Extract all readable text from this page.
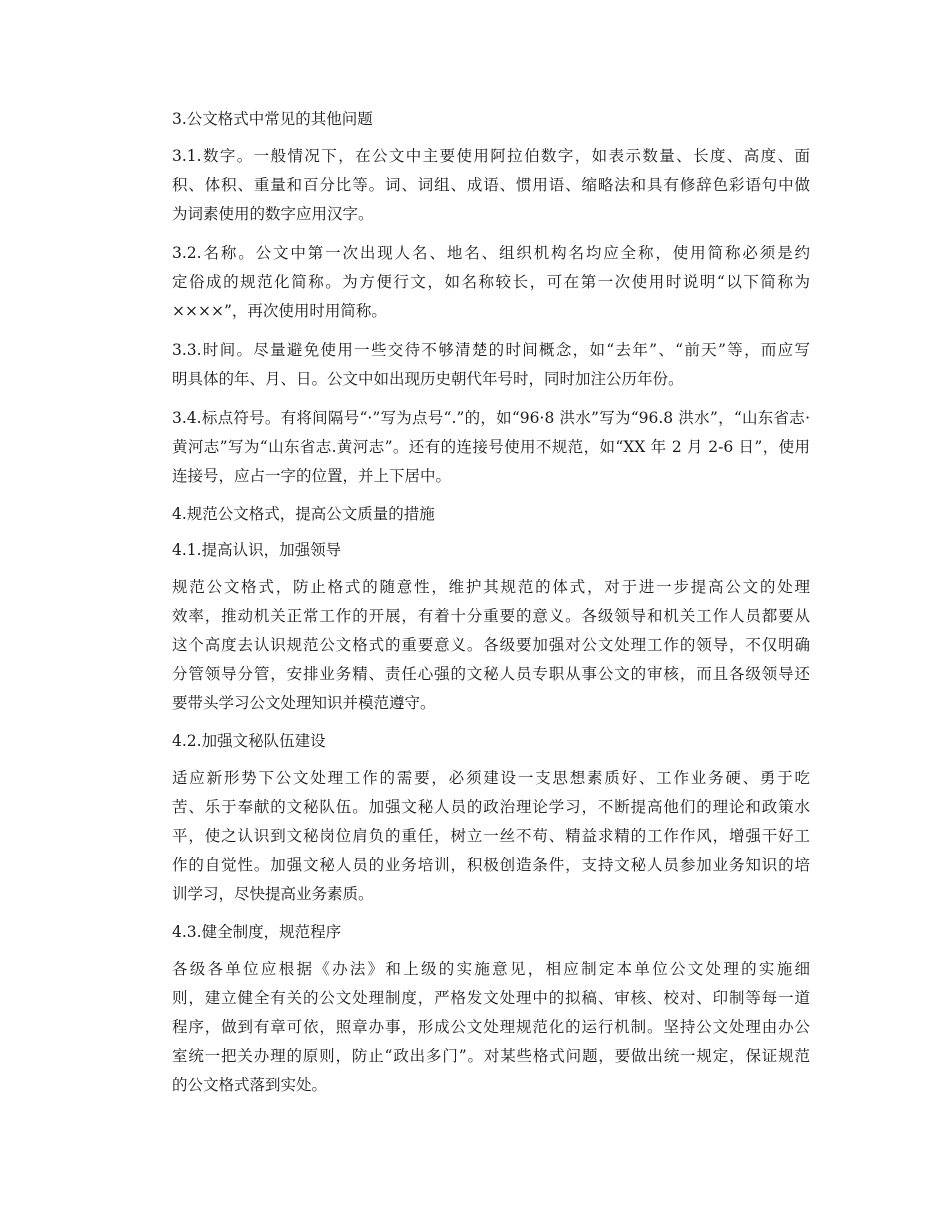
3.公文格式中常见的其他问题

3.1.数字。一般情况下，在公文中主要使用阿拉伯数字，如表示数量、长度、高度、面
积、体积、重量和百分比等。词、词组、成语、惯用语、缩略法和具有修辞色彩语句中做
为词素使用的数字应用汉字。

3.2.名称。公文中第一次出现人名、地名、组织机构名均应全称，使用简称必须是约
定俗成的规范化简称。为方便行文，如名称较长，可在第一次使用时说明“以下简称为
××××”，再次使用时用简称。

3.3.时间。尽量避免使用一些交待不够清楚的时间概念，如“去年”、“前天”等，而应写
明具体的年、月、日。公文中如出现历史朝代年号时，同时加注公历年份。

3.4.标点符号。有将间隔号“·”写为点号“.”的，如“96·8 洪水”写为“96.8 洪水”，“山东省志·
黄河志”写为“山东省志.黄河志”。还有的连接号使用不规范，如“XX 年 2 月 2-6 日”，使用
连接号，应占一字的位置，并上下居中。

4.规范公文格式，提高公文质量的措施

4.1.提高认识，加强领导

规范公文格式，防止格式的随意性，维护其规范的体式，对于进一步提高公文的处理
效率，推动机关正常工作的开展，有着十分重要的意义。各级领导和机关工作人员都要从
这个高度去认识规范公文格式的重要意义。各级要加强对公文处理工作的领导，不仅明确
分管领导分管，安排业务精、责任心强的文秘人员专职从事公文的审核，而且各级领导还
要带头学习公文处理知识并模范遵守。

4.2.加强文秘队伍建设

适应新形势下公文处理工作的需要，必须建设一支思想素质好、工作业务硬、勇于吃
苦、乐于奉献的文秘队伍。加强文秘人员的政治理论学习，不断提高他们的理论和政策水
平，使之认识到文秘岗位肩负的重任，树立一丝不苟、精益求精的工作作风，增强干好工
作的自觉性。加强文秘人员的业务培训，积极创造条件，支持文秘人员参加业务知识的培
训学习，尽快提高业务素质。

4.3.健全制度，规范程序

各级各单位应根据《办法》和上级的实施意见，相应制定本单位公文处理的实施细
则，建立健全有关的公文处理制度，严格发文处理中的拟稿、审核、校对、印制等每一道
程序，做到有章可依，照章办事，形成公文处理规范化的运行机制。坚持公文处理由办公
室统一把关办理的原则，防止“政出多门”。对某些格式问题，要做出统一规定，保证规范
的公文格式落到实处。
